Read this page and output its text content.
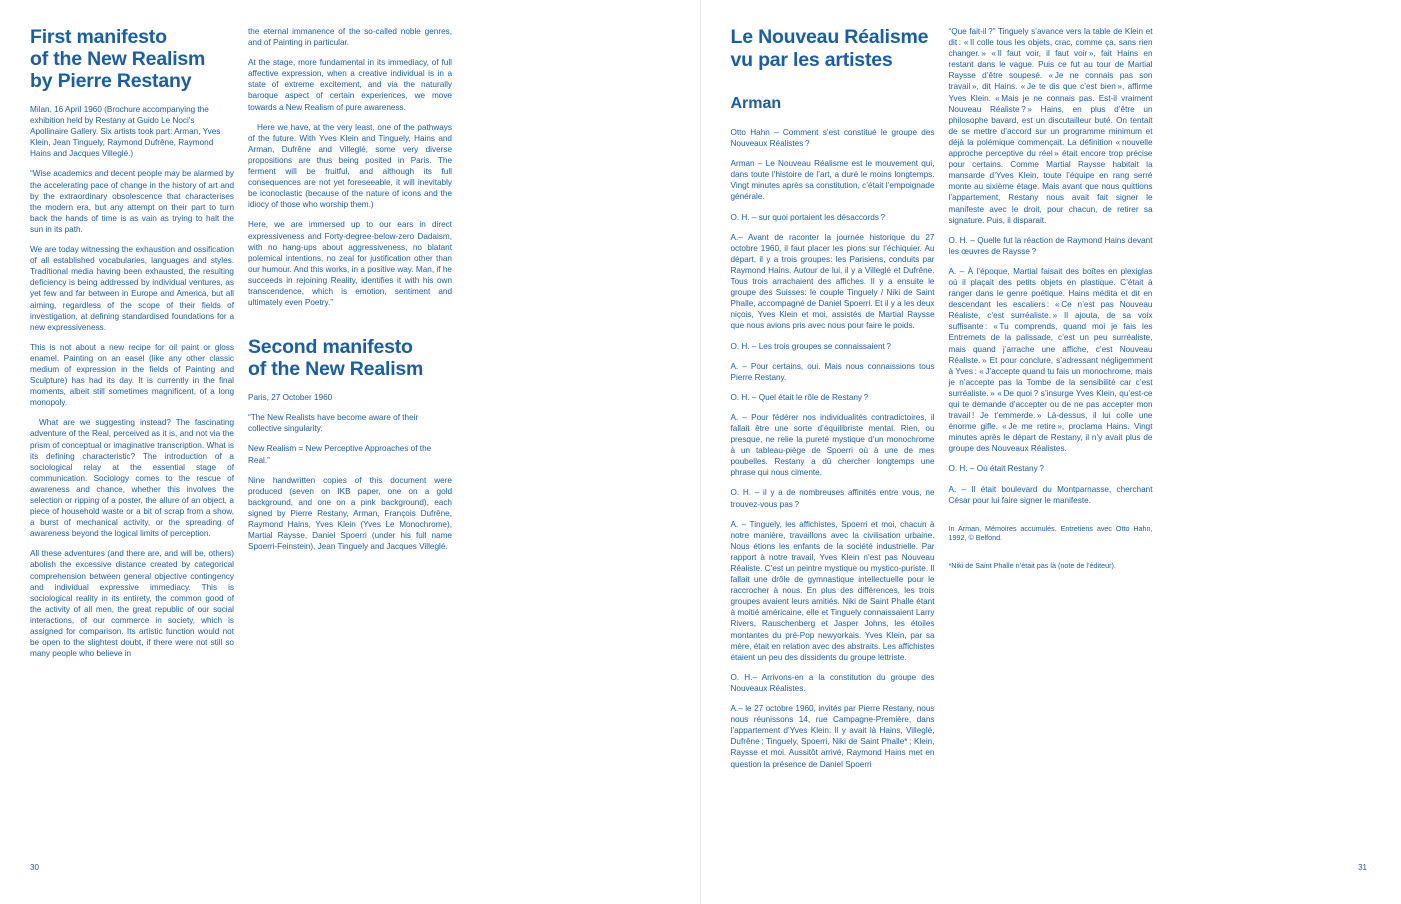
First manifesto
of the New Realism
by Pierre Restany
Milan, 16 April 1960 (Brochure accompanying the exhibition held by Restany at Guido Le Noci's Apollinaire Gallery. Six artists took part: Arman, Yves Klein, Jean Tinguely, Raymond Dufrêne, Raymond Hains and Jacques Villeglé.)

“Wise academics and decent people may be alarmed by the accelerating pace of change in the history of art and by the extraordinary obsolescence that characterises the modern era, but any attempt on their part to turn back the hands of time is as vain as trying to halt the sun in its path.

We are today witnessing the exhaustion and ossification of all established vocabularies, languages and styles. Traditional media having been exhausted, the resulting deficiency is being addressed by individual ventures, as yet few and far between in Europe and America, but all aiming, regardless of the scope of their fields of investigation, at defining standardised foundations for a new expressiveness.

This is not about a new recipe for oil paint or gloss enamel. Painting on an easel (like any other classic medium of expression in the fields of Painting and Sculpture) has had its day. It is currently in the final moments, albeit still sometimes magnificent, of a long monopoly.

What are we suggesting instead? The fascinating adventure of the Real, perceived as it is, and not via the prism of conceptual or imaginative transcription. What is its defining characteristic? The introduction of a sociological relay at the essential stage of communication. Sociology comes to the rescue of awareness and chance, whether this involves the selection or ripping of a poster, the allure of an object, a piece of household waste or a bit of scrap from a show, a burst of mechanical activity, or the spreading of awareness beyond the logical limits of perception.

All these adventures (and there are, and will be, others) abolish the excessive distance created by categorical comprehension between general objective contingency and individual expressive immediacy. This is sociological reality in its entirety, the common good of the activity of all men, the great republic of our social interactions, of our commerce in society, which is assigned for comparison. Its artistic function would not be open to the slightest doubt, if there were not still so many people who believe in

the eternal immanence of the so-called noble genres, and of Painting in particular.

At the stage, more fundamental in its immediacy, of full affective expression, when a creative individual is in a state of extreme excitement, and via the naturally baroque aspect of certain experiences, we move towards a New Realism of pure awareness.

Here we have, at the very least, one of the pathways of the future. With Yves Klein and Tinguely, Hains and Arman, Dufrêne and Villeglé, some very diverse propositions are thus being posited in Paris. The ferment will be fruitful, and although its full consequences are not yet foreseeable, it will inevitably be iconoclastic (because of the nature of icons and the idiocy of those who worship them.)

Here, we are immersed up to our ears in direct expressiveness and Forty-degree-below-zero Dadaism, with no hang-ups about aggressiveness, no blatant polemical intentions, no zeal for justification other than our humour. And this works, in a positive way. Man, if he succeeds in rejoining Reality, identifies it with his own transcendence, which is emotion, sentiment and ultimately even Poetry.”

Second manifesto
of the New Realism
Paris, 27 October 1960

“The New Realists have become aware of their collective singularity.

New Realism = New Perceptive Approaches of the Real.”

Nine handwritten copies of this document were produced (seven on IKB paper, one on a gold background, and one on a pink background), each signed by Pierre Restany, Arman, François Dufrêne, Raymond Hains, Yves Klein (Yves Le Monochrome), Martial Raysse, Daniel Spoerri (under his full name Spoerri-Feinstein), Jean Tinguely and Jacques Villeglé.

30
Le Nouveau Réalisme
vu par les artistes
Arman

Otto Hahn – Comment s’est constitué le groupe des Nouveaux Réalistes ?

Arman – Le Nouveau Réalisme est le mouvement qui, dans toute l’histoire de l’art, a duré le moins longtemps. Vingt minutes après sa constitution, c’était l’empoignade générale.

O. H. – sur quoi portaient les désaccords ?

A.– Avant de raconter la journée historique du 27 octobre 1960, il faut placer les pions sur l’échiquier. Au départ, il y a trois groupes: les Parisiens, conduits par Raymond Hains. Autour de lui, il y a Villeglé et Dufrêne. Tous trois arrachaient des affiches. Il y a ensuite le groupe des Suisses: le couple Tinguely / Niki de Saint Phalle, accompagné de Daniel Spoerri. Et il y a les deux niçois, Yves Klein et moi, assistés de Martial Raysse que nous avions pris avec nous pour faire le poids.

O. H. – Les trois groupes se connaissaient ?

A. – Pour certains, oui. Mais nous connaissions tous Pierre Restany.

O. H. – Quel était le rôle de Restany ?

A. – Pour fédérer nos individualités contradictoires, il fallait être une sorte d’équilibriste mental. Rien, ou presque, ne relie la pureté mystique d’un monochrome à un tableau-piège de Spoerri où à une de mes poubelles. Restany a dû chercher longtemps une phrase qui nous cimente.

O. H. – il y a de nombreuses affinités entre vous, ne trouvez-vous pas ?

A. – Tinguely, les affichistes, Spoerri et moi, chacun à notre manière, travaillons avec la civilisation urbaine. Nous étions les enfants de la société industrielle. Par rapport à notre travail, Yves Klein n’est pas Nouveau Réaliste. C’est un peintre mystique ou mystico-puriste. Il fallait une drôle de gymnastique intellectuelle pour le raccrocher à nous. En plus des différences, les trois groupes avaient leurs amitiés. Niki de Saint Phalle étant à moitié américaine, elle et Tinguely connaissaient Larry Rivers, Rauschenberg et Jasper Johns, les étoiles montantes du pré-Pop newyorkais. Yves Klein, par sa mère, était en relation avec des abstraits. Les affichistes étaient un peu des dissidents du groupe lettriste.

O. H.– Arrivons-en a la constitution du groupe des Nouveaux Réalistes.

A.– le 27 octobre 1960, invités par Pierre Restany, nous nous réunissons 14, rue Campagne-Première, dans l’appartement d’Yves Klein. Il y avait là Hains, Villeglé, Dufrêne ; Tinguely, Spoerri, Niki de Saint Phalle* ; Klein, Raysse et moi. Aussitôt arrivé, Raymond Hains met en question la présence de Daniel Spoerri

“Que fait-il ?” Tinguely s’avance vers la table de Klein et dit : « Il colle tous les objets, crac, comme ça, sans rien changer. » « Il faut voir, il faut voir », fait Hains en restant dans le vague. Puis ce fut au tour de Martial Raysse d’être soupesé. « Je ne connais pas son travail », dit Hains. « Je te dis que c’est bien », affirme Yves Klein. « Mais je ne connais pas. Est-il vraiment Nouveau Réaliste ? » Hains, en plus d’être un philosophe bavard, est un discutailleur buté. On tentait de se mettre d’accord sur un programme minimum et déjà la polémique commençait. La définition « nouvelle approche perceptive du réel » était encore trop précise pour certains. Comme Martial Raysse habitait la mansarde d’Yves Klein, toute l’équipe en rang serré monte au sixième étage. Mais avant que nous quittions l’appartement, Restany nous avait fait signer le manifeste avec le droit, pour chacun, de retirer sa signature. Puis, il disparait.

O. H. – Quelle fut la réaction de Raymond Hains devant les œuvres de Raysse ?

A. – À l’époque, Martial faisait des boîtes en plexiglas où il plaçait des petits objets en plastique. C’était à ranger dans le genre poétique. Hains médita et dit en descendant les escaliers : « Ce n’est pas Nouveau Réaliste, c’est surréaliste. » Il ajouta, de sa voix suffisante : « Tu comprends, quand moi je fais les Entremets de la palissade, c’est un peu surréaliste, mais quand j’arrache une affiche, c’est Nouveau Réaliste. » Et pour conclure, s’adressant négligemment à Yves : « J’accepte quand tu fais un monochrome, mais je n’accepte pas la Tombe de la sensibilité car c’est surréaliste. » « De quoi ? s’insurge Yves Klein, qu’est-ce qui te demande d’accepter ou de ne pas accepter mon travail ! Je t’emmerde. » Là-dessus, il lui colle une énorme gifle. « Je me retire », proclama Hains. Vingt minutes après le départ de Restany, il n’y avait plus de groupe des Nouveaux Réalistes.

O. H. – Où était Restany ?

A. – Il était boulevard du Montparnasse, cherchant César pour lui faire signer le manifeste.

In Arman, Mémoires accumulés. Entretiens avec Otto Hahn, 1992, © Belfond.

*Niki de Saint Phalle n’était pas là (note de l’éditeur).

31
